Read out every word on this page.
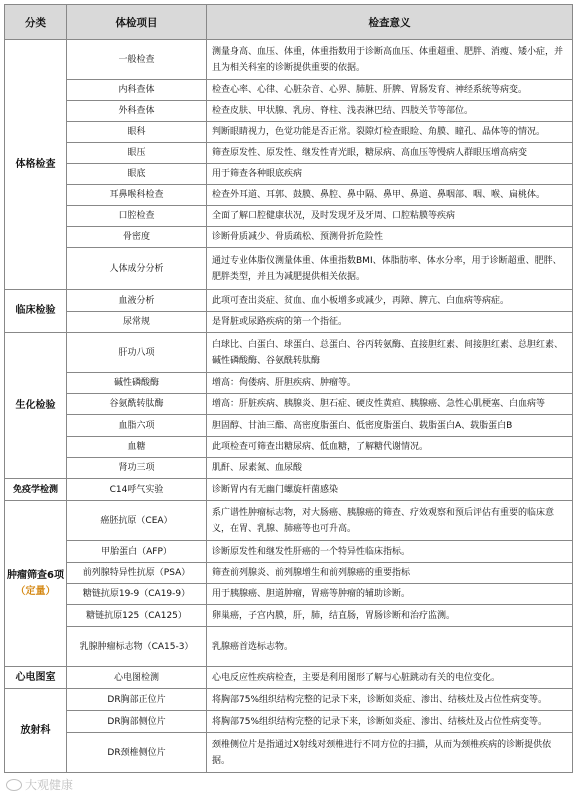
分类	体检项目	检查意义
体格检查	一般检查	测量身高、血压、体重，体重指数用于诊断高血压、体重超重、肥胖、消瘦、矮小症，并且为相关科室的诊断提供重要的依据。
	内科查体	检查心率、心律、心脏杂音、心界、肺脏、肝脾、胃肠发育、神经系统等病变。
	外科查体	检查皮肤、甲状腺、乳房、脊柱、浅表淋巴结、四肢关节等部位。
	眼科	判断眼睛视力，色觉功能是否正常。裂隙灯检查眼睑、角膜、瞳孔、晶体等的情况。
	眼压	筛查原发性、原发性、继发性青光眼，糖尿病、高血压等慢病人群眼压增高病变
	眼底	用于筛查各种眼底疾病
	耳鼻喉科检查	检查外耳道、耳郭、鼓膜、鼻腔、鼻中隔、鼻甲、鼻道、鼻咽部、咽、喉、扁桃体。
	口腔检查	全面了解口腔健康状况，及时发现牙及牙周、口腔粘膜等疾病
	骨密度	诊断骨质减少、骨质疏松、预测骨折危险性
	人体成分分析	通过专业体脂仪测量体重、体重指数BMI、体脂肪率、体水分率，用于诊断超重、肥胖、肥胖类型，并且为减肥提供相关依据。
临床检验	血液分析	此项可查出炎症、贫血、血小板增多或减少，再障、脾亢、白血病等病症。
	尿常规	是肾脏或尿路疾病的第一个指征。
生化检验	肝功八项	白球比、白蛋白、球蛋白、总蛋白、谷丙转氨酶、直接胆红素、间接胆红素、总胆红素、碱性磷酸酶、谷氨酰转肽酶
	碱性磷酸酶	增高：佝偻病、肝胆疾病、肿瘤等。
	谷氨酰转肽酶	增高：肝脏疾病、胰腺炎、胆石症、硬皮性黄疸、胰腺癌、急性心肌梗塞、白血病等
	血脂六项	胆固醇、甘油三酯、高密度脂蛋白、低密度脂蛋白、载脂蛋白A、载脂蛋白B
	血糖	此项检查可筛查出糖尿病、低血糖，了解糖代谢情况。
	肾功三项	肌酐、尿素氮、血尿酸
免疫学检测	C14呼气实验	诊断胃内有无幽门螺旋杆菌感染
肿瘤筛查6项（定量）	癌胚抗原（CEA）	系广谱性肿瘤标志物，对大肠癌、胰腺癌的筛查、疗效观察和预后评估有重要的临床意义，在胃、乳腺、肺癌等也可升高。
	甲胎蛋白（AFP）	诊断原发性和继发性肝癌的一个特异性临床指标。
	前列腺特异性抗原（PSA）	筛查前列腺炎、前列腺增生和前列腺癌的重要指标
	糖链抗原19-9（CA19-9）	用于胰腺癌、胆道肿瘤，胃癌等肿瘤的辅助诊断。
	糖链抗原125（CA125）	卵巢癌，子宫内膜，肝，肺，结直肠，胃肠诊断和治疗监测。
	乳腺肿瘤标志物（CA15-3）	乳腺癌首选标志物。
心电图室	心电图检测	心电反应性疾病检查，主要是利用图形了解与心脏跳动有关的电位变化。
放射科	DR胸部正位片	将胸部75%组织结构完整的记录下来，诊断如炎症、渗出、结核灶及占位性病变等。
	DR胸部侧位片	将胸部75%组织结构完整的记录下来，诊断如炎症、渗出、结核灶及占位性病变等。
	DR颈椎侧位片	颈椎侧位片是指通过X射线对颈椎进行不同方位的扫描，从而为颈椎疾病的诊断提供依据。
大观健康
